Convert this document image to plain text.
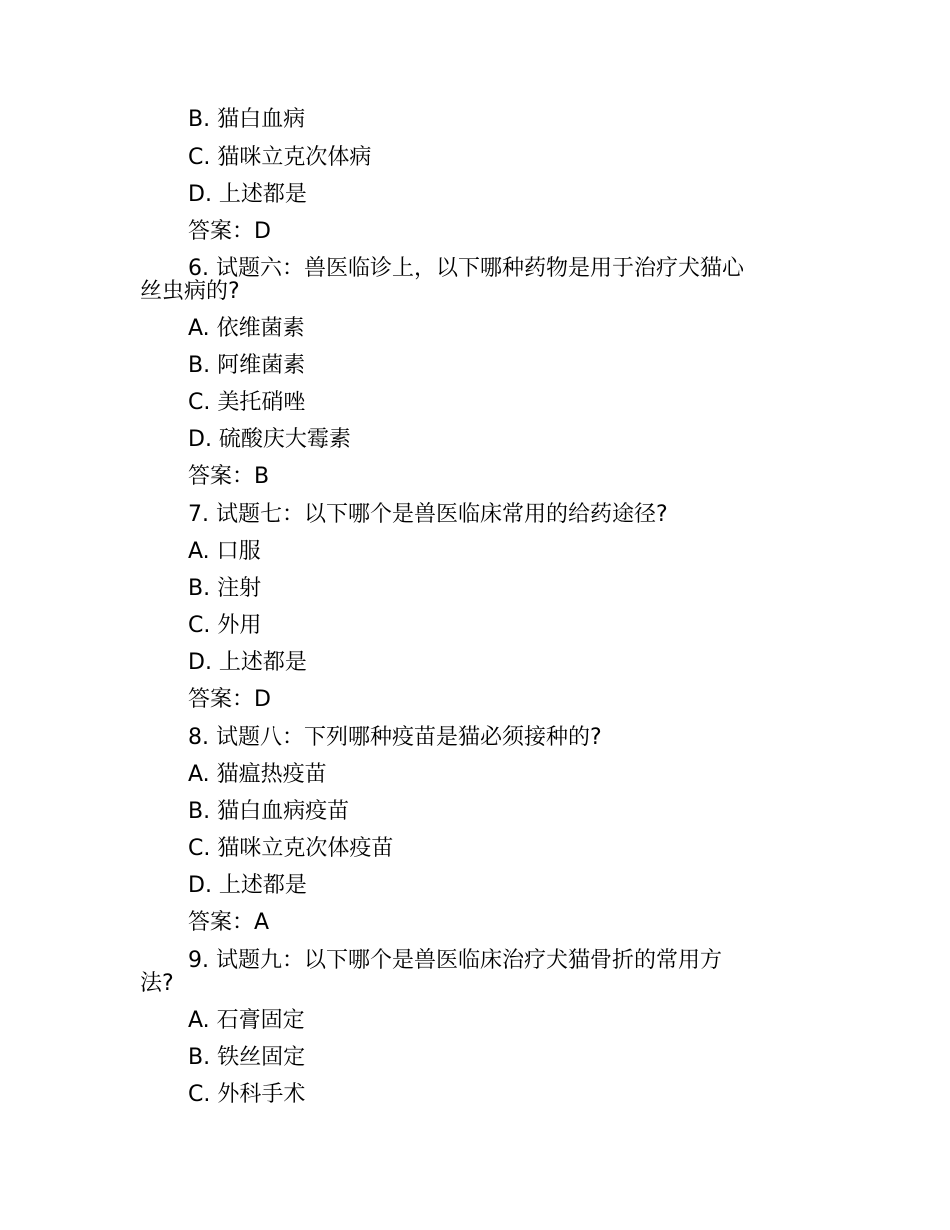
B. 猫白血病
C. 猫咪立克次体病
D. 上述都是
答案：D
6. 试题六：兽医临诊上，以下哪种药物是用于治疗犬猫心
丝虫病的?
A. 依维菌素
B. 阿维菌素
C. 美托硝唑
D. 硫酸庆大霉素
答案：B
7. 试题七：以下哪个是兽医临床常用的给药途径?
A. 口服
B. 注射
C. 外用
D. 上述都是
答案：D
8. 试题八：下列哪种疫苗是猫必须接种的?
A. 猫瘟热疫苗
B. 猫白血病疫苗
C. 猫咪立克次体疫苗
D. 上述都是
答案：A
9. 试题九：以下哪个是兽医临床治疗犬猫骨折的常用方
法?
A. 石膏固定
B. 铁丝固定
C. 外科手术
